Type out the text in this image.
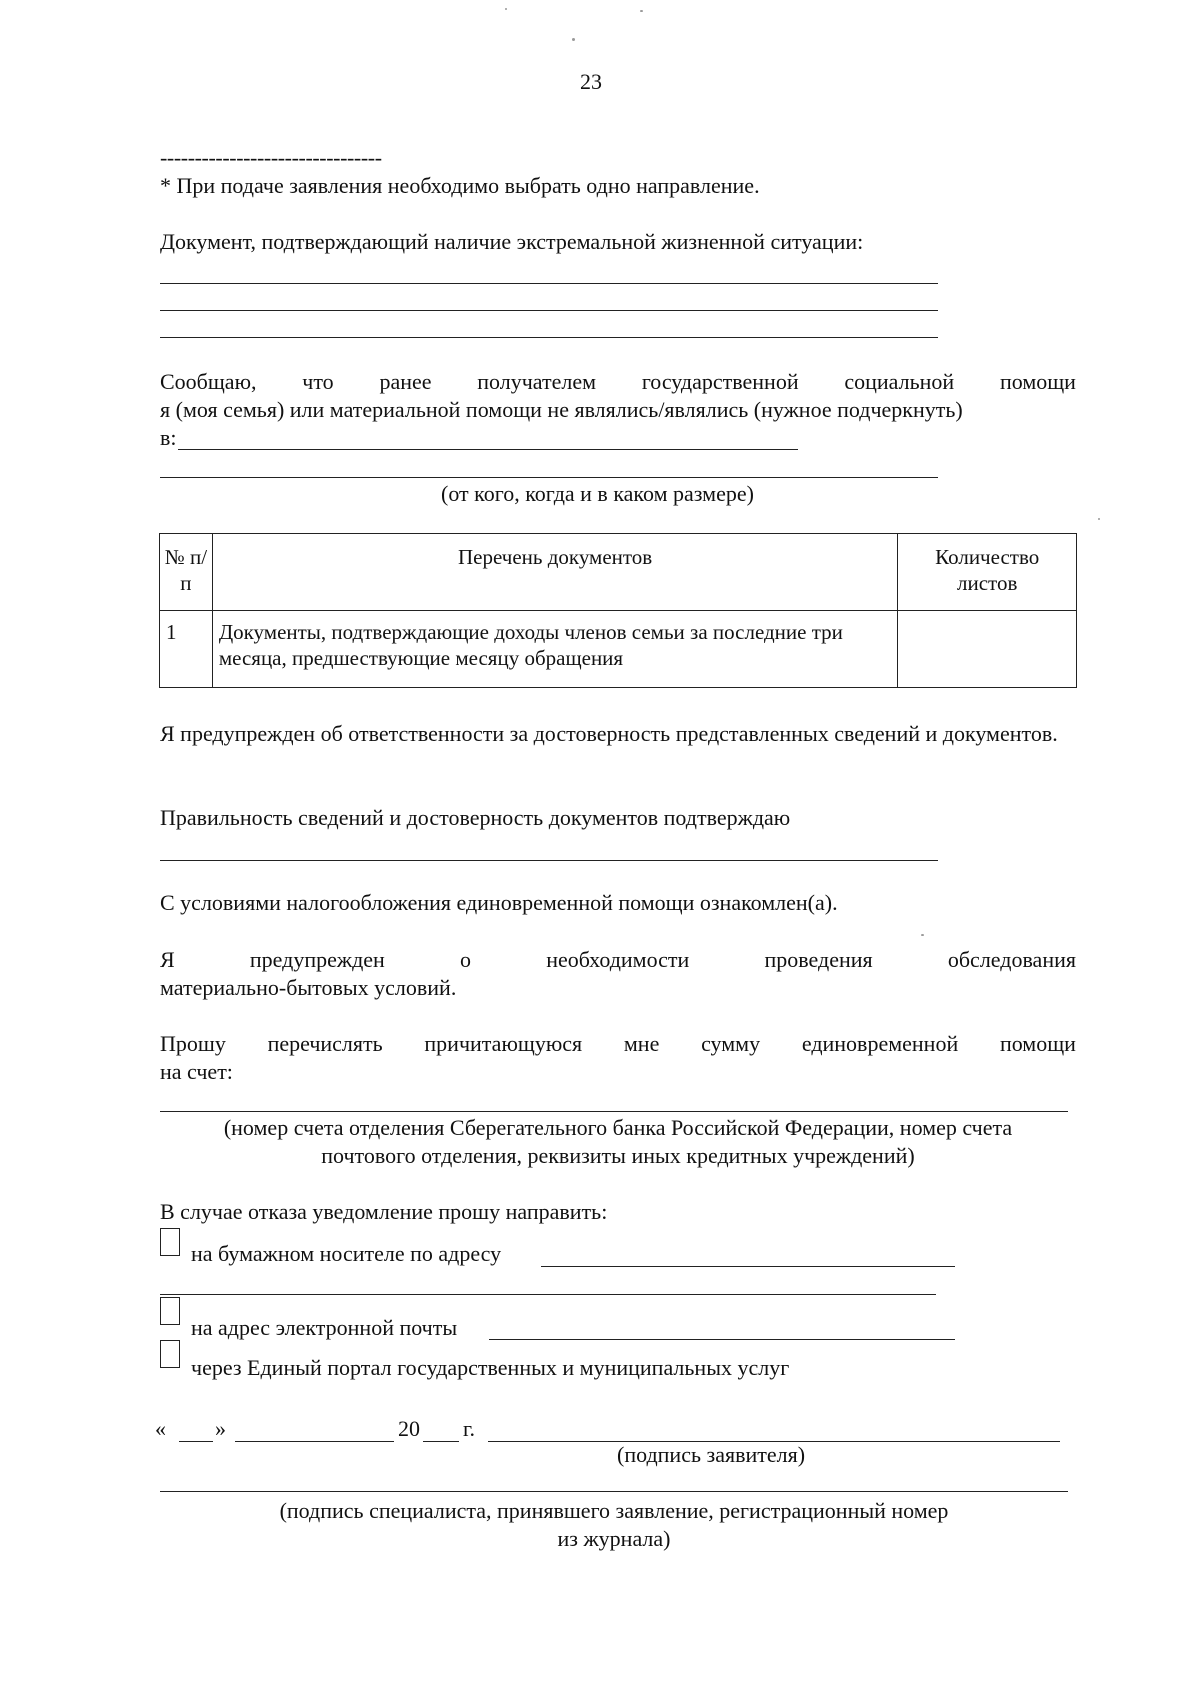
23
--------------------------------
* При подаче заявления необходимо выбрать одно направление.
Документ, подтверждающий наличие экстремальной жизненной ситуации:
Сообщаю, что ранее получателем государственной социальной помощи
я (моя семья) или материальной помощи не являлись/являлись (нужное подчеркнуть)
в:
(от кого, когда и в каком размере)
№ п/п	Перечень документов	Количество листов
1	Документы, подтверждающие доходы членов семьи за последние три месяца, предшествующие месяцу обращения	
Я предупрежден об ответственности за достоверность представленных сведений и документов.
Правильность сведений и достоверность документов подтверждаю
С условиями налогообложения единовременной помощи ознакомлен(а).
Я	предупрежден	о	необходимости	проведения	обследования
материально-бытовых условий.
Прошу перечислять причитающуюся мне сумму единовременной помощи
на счет:
(номер счета отделения Сберегательного банка Российской Федерации, номер счета
почтового отделения, реквизиты иных кредитных учреждений)
В случае отказа уведомление прошу направить:
на бумажном носителе по адресу
на адрес электронной почты
через Единый портал государственных и муниципальных услуг
« »	20 г.
(подпись заявителя)
(подпись специалиста, принявшего заявление, регистрационный номер
из журнала)
